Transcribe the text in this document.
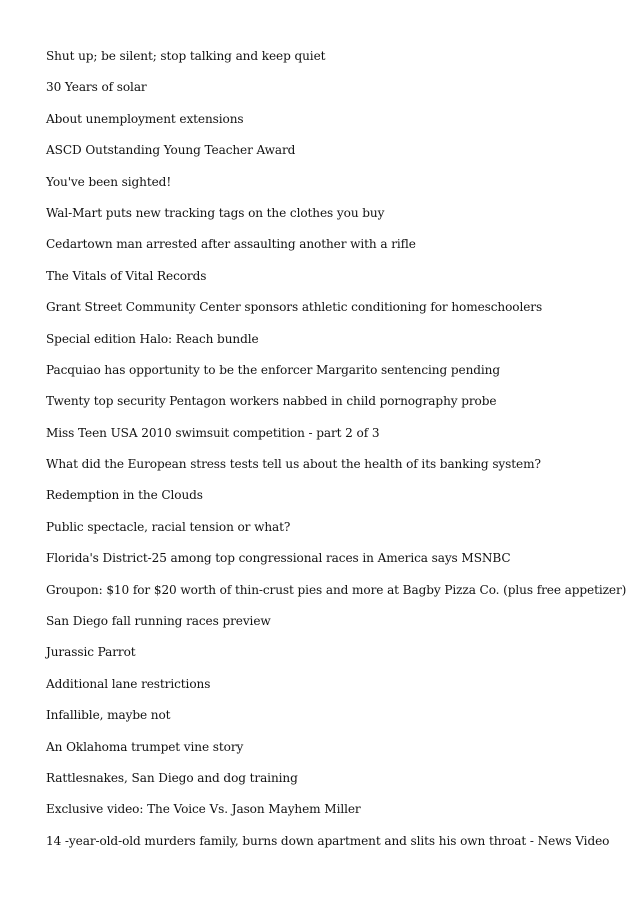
Shut up; be silent; stop talking and keep quiet
30 Years of solar
About unemployment extensions
ASCD Outstanding Young Teacher Award
You've been sighted!
Wal-Mart puts new tracking tags on the clothes you buy
Cedartown man arrested after assaulting another with a rifle
The Vitals of Vital Records
Grant Street Community Center sponsors athletic conditioning for homeschoolers
Special edition Halo: Reach bundle
Pacquiao has opportunity to be the enforcer Margarito sentencing pending
Twenty top security Pentagon workers nabbed in child pornography probe
Miss Teen USA 2010 swimsuit competition - part 2 of 3
What did the European stress tests tell us about the health of its banking system?
Redemption in the Clouds
Public spectacle, racial tension or what?
Florida's District-25 among top congressional races in America says MSNBC
Groupon: $10 for $20 worth of thin-crust pies and more at Bagby Pizza Co. (plus free appetizer)
San Diego fall running races preview
Jurassic Parrot
Additional lane restrictions
Infallible, maybe not
An Oklahoma trumpet vine story
Rattlesnakes, San Diego and dog training
Exclusive video: The Voice Vs. Jason Mayhem Miller
14 -year-old-old murders family, burns down apartment and slits his own throat - News Video
